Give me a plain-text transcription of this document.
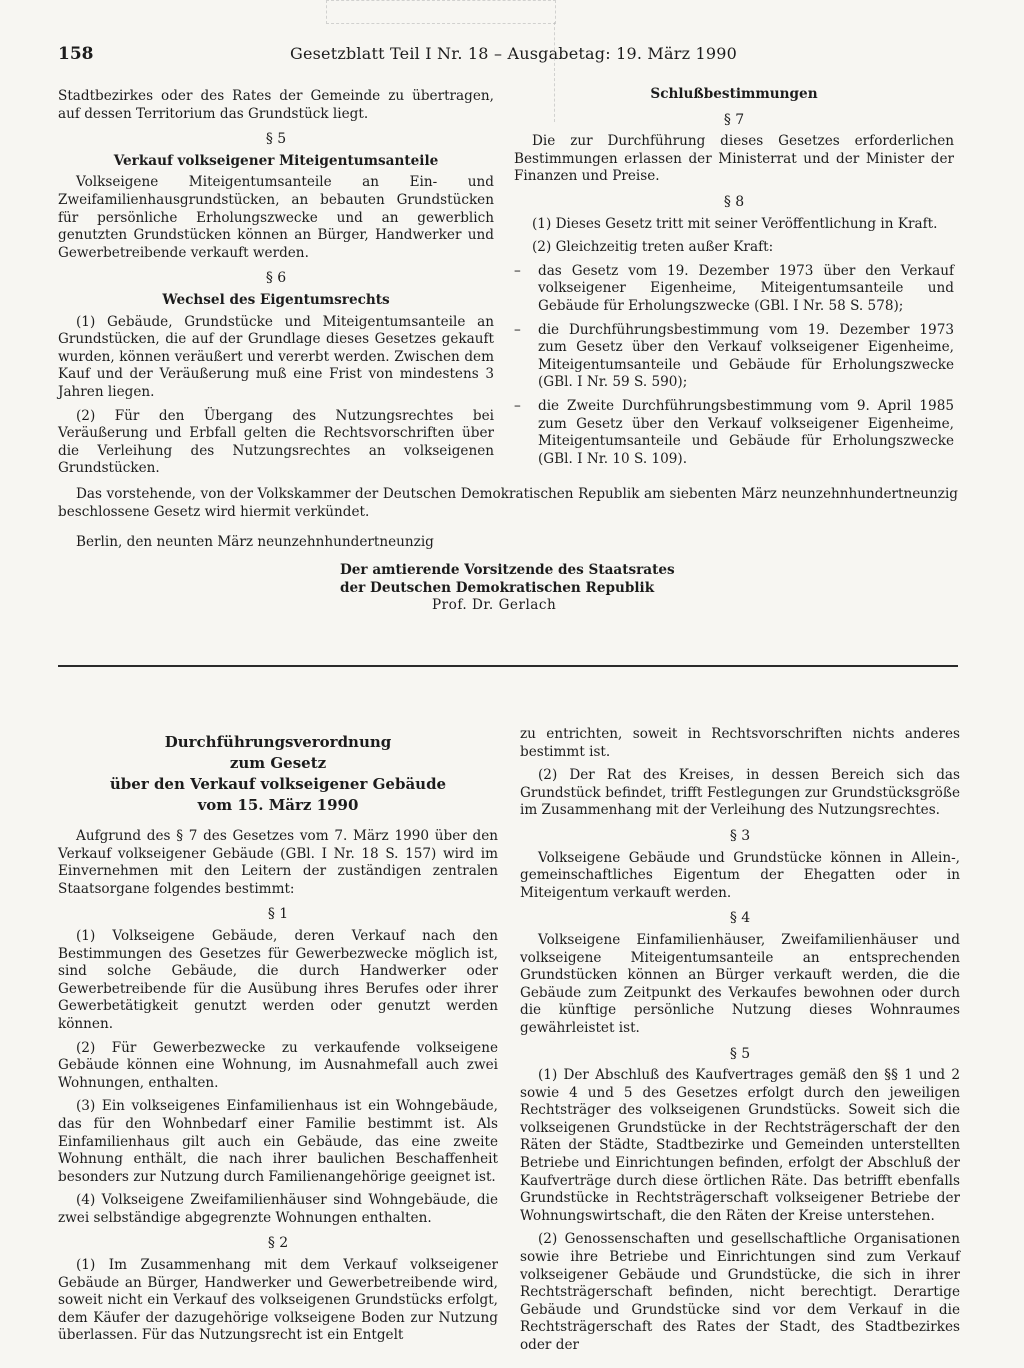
158	Gesetzblatt Teil I Nr. 18 – Ausgabetag: 19. März 1990

Stadtbezirkes oder des Rates der Gemeinde zu übertragen, auf dessen Territorium das Grundstück liegt.

§ 5

Verkauf volkseigener Miteigentumsanteile

Volkseigene Miteigentumsanteile an Ein- und Zweifamilienhausgrundstücken, an bebauten Grundstücken für persönliche Erholungszwecke und an gewerblich genutzten Grundstücken können an Bürger, Handwerker und Gewerbetreibende verkauft werden.

§ 6

Wechsel des Eigentumsrechts

(1) Gebäude, Grundstücke und Miteigentumsanteile an Grundstücken, die auf der Grundlage dieses Gesetzes gekauft wurden, können veräußert und vererbt werden. Zwischen dem Kauf und der Veräußerung muß eine Frist von mindestens 3 Jahren liegen.

(2) Für den Übergang des Nutzungsrechtes bei Veräußerung und Erbfall gelten die Rechtsvorschriften über die Verleihung des Nutzungsrechtes an volkseigenen Grundstücken.

Schlußbestimmungen

§ 7

Die zur Durchführung dieses Gesetzes erforderlichen Bestimmungen erlassen der Ministerrat und der Minister der Finanzen und Preise.

§ 8

(1) Dieses Gesetz tritt mit seiner Veröffentlichung in Kraft.

(2) Gleichzeitig treten außer Kraft:

– das Gesetz vom 19. Dezember 1973 über den Verkauf volkseigener Eigenheime, Miteigentumsanteile und Gebäude für Erholungszwecke (GBl. I Nr. 58 S. 578);

– die Durchführungsbestimmung vom 19. Dezember 1973 zum Gesetz über den Verkauf volkseigener Eigenheime, Miteigentumsanteile und Gebäude für Erholungszwecke (GBl. I Nr. 59 S. 590);

– die Zweite Durchführungsbestimmung vom 9. April 1985 zum Gesetz über den Verkauf volkseigener Eigenheime, Miteigentumsanteile und Gebäude für Erholungszwecke (GBl. I Nr. 10 S. 109).

Das vorstehende, von der Volkskammer der Deutschen Demokratischen Republik am siebenten März neunzehnhundertneunzig beschlossene Gesetz wird hiermit verkündet.
Berlin, den neunten März neunzehnhundertneunzig
Der amtierende Vorsitzende des Staatsrates
der Deutschen Demokratischen Republik
Prof. Dr. Gerlach
Durchführungsverordnung
zum Gesetz
über den Verkauf volkseigener Gebäude
vom 15. März 1990

Aufgrund des § 7 des Gesetzes vom 7. März 1990 über den Verkauf volkseigener Gebäude (GBl. I Nr. 18 S. 157) wird im Einvernehmen mit den Leitern der zuständigen zentralen Staatsorgane folgendes bestimmt:

§ 1

(1) Volkseigene Gebäude, deren Verkauf nach den Bestimmungen des Gesetzes für Gewerbezwecke möglich ist, sind solche Gebäude, die durch Handwerker oder Gewerbetreibende für die Ausübung ihres Berufes oder ihrer Gewerbetätigkeit genutzt werden oder genutzt werden können.

(2) Für Gewerbezwecke zu verkaufende volkseigene Gebäude können eine Wohnung, im Ausnahmefall auch zwei Wohnungen, enthalten.

(3) Ein volkseigenes Einfamilienhaus ist ein Wohngebäude, das für den Wohnbedarf einer Familie bestimmt ist. Als Einfamilienhaus gilt auch ein Gebäude, das eine zweite Wohnung enthält, die nach ihrer baulichen Beschaffenheit besonders zur Nutzung durch Familienangehörige geeignet ist.

(4) Volkseigene Zweifamilienhäuser sind Wohngebäude, die zwei selbständige abgegrenzte Wohnungen enthalten.

§ 2

(1) Im Zusammenhang mit dem Verkauf volkseigener Gebäude an Bürger, Handwerker und Gewerbetreibende wird, soweit nicht ein Verkauf des volkseigenen Grundstücks erfolgt, dem Käufer der dazugehörige volkseigene Boden zur Nutzung überlassen. Für das Nutzungsrecht ist ein Entgelt

zu entrichten, soweit in Rechtsvorschriften nichts anderes bestimmt ist.

(2) Der Rat des Kreises, in dessen Bereich sich das Grundstück befindet, trifft Festlegungen zur Grundstücksgröße im Zusammenhang mit der Verleihung des Nutzungsrechtes.

§ 3

Volkseigene Gebäude und Grundstücke können in Allein-, gemeinschaftliches Eigentum der Ehegatten oder in Miteigentum verkauft werden.

§ 4

Volkseigene Einfamilienhäuser, Zweifamilienhäuser und volkseigene Miteigentumsanteile an entsprechenden Grundstücken können an Bürger verkauft werden, die die Gebäude zum Zeitpunkt des Verkaufes bewohnen oder durch die künftige persönliche Nutzung dieses Wohnraumes gewährleistet ist.

§ 5

(1) Der Abschluß des Kaufvertrages gemäß den §§ 1 und 2 sowie 4 und 5 des Gesetzes erfolgt durch den jeweiligen Rechtsträger des volkseigenen Grundstücks. Soweit sich die volkseigenen Grundstücke in der Rechtsträgerschaft der den Räten der Städte, Stadtbezirke und Gemeinden unterstellten Betriebe und Einrichtungen befinden, erfolgt der Abschluß der Kaufverträge durch diese örtlichen Räte. Das betrifft ebenfalls Grundstücke in Rechtsträgerschaft volkseigener Betriebe der Wohnungswirtschaft, die den Räten der Kreise unterstehen.

(2) Genossenschaften und gesellschaftliche Organisationen sowie ihre Betriebe und Einrichtungen sind zum Verkauf volkseigener Gebäude und Grundstücke, die sich in ihrer Rechtsträgerschaft befinden, nicht berechtigt. Derartige Gebäude und Grundstücke sind vor dem Verkauf in die Rechtsträgerschaft des Rates der Stadt, des Stadtbezirkes oder der
